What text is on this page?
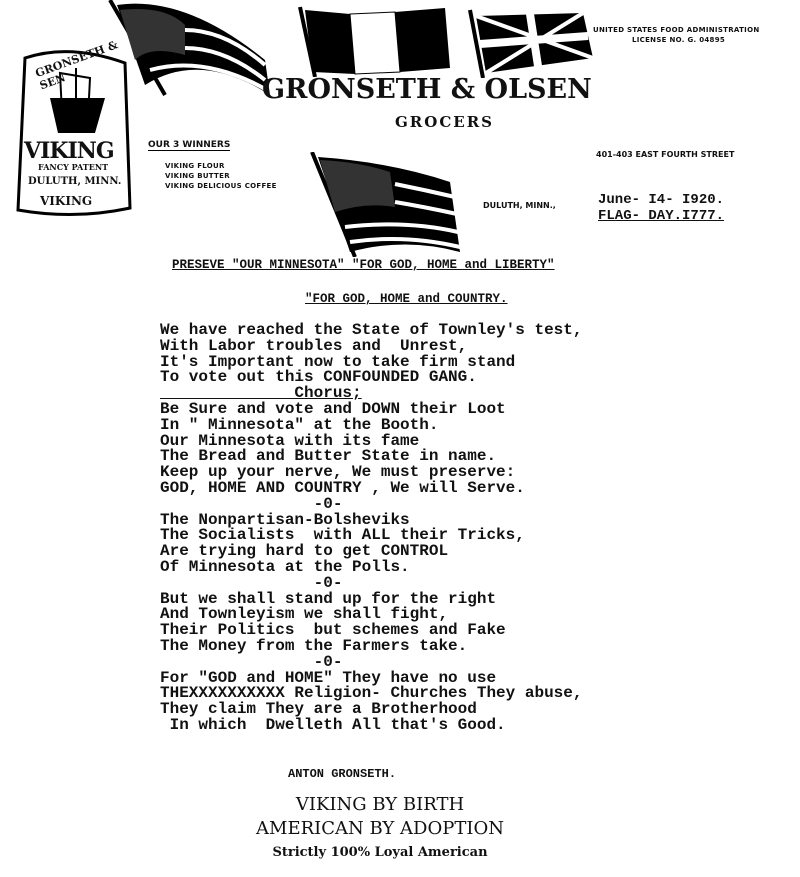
GRONSETH & SEN
VIKING
FANCY PATENT
DULUTH, MINN.
VIKING
UNITED STATES FOOD ADMINISTRATION
LICENSE NO. G. 04895
GRONSETH & OLSEN
GROCERS
OUR 3 WINNERS
VIKING FLOUR
VIKING BUTTER
VIKING DELICIOUS COFFEE
401-403 EAST FOURTH STREET
DULUTH, MINN.,	June- I4- I920.
FLAG- DAY.I777.
PRESEVE "OUR MINNESOTA" "FOR GOD, HOME and LIBERTY"
"FOR GOD, HOME and COUNTRY.
We have reached the State of Townley's test,
With Labor troubles and  Unrest,
It's Important now to take firm stand
To vote out this CONFOUNDED GANG.
Chorus;
Be Sure and vote and DOWN their Loot
In " Minnesota" at the Booth.
Our Minnesota with its fame
The Bread and Butter State in name.
Keep up your nerve, We must preserve:
GOD, HOME AND COUNTRY , We will Serve.
-0-
The Nonpartisan-Bolsheviks
The Socialists  with ALL their Tricks,
Are trying hard to get CONTROL
Of Minnesota at the Polls.
-0-
But we shall stand up for the right
And Townleyism we shall fight,
Their Politics  but schemes and Fake
The Money from the Farmers take.
-0-
For "GOD and HOME" They have no use
THEXXXXXXXXXX Religion- Churches They abuse,
They claim They are a Brotherhood
In which  Dwelleth All that's Good.
ANTON GRONSETH.
VIKING BY BIRTH
AMERICAN BY ADOPTION
Strictly 100% Loyal American
